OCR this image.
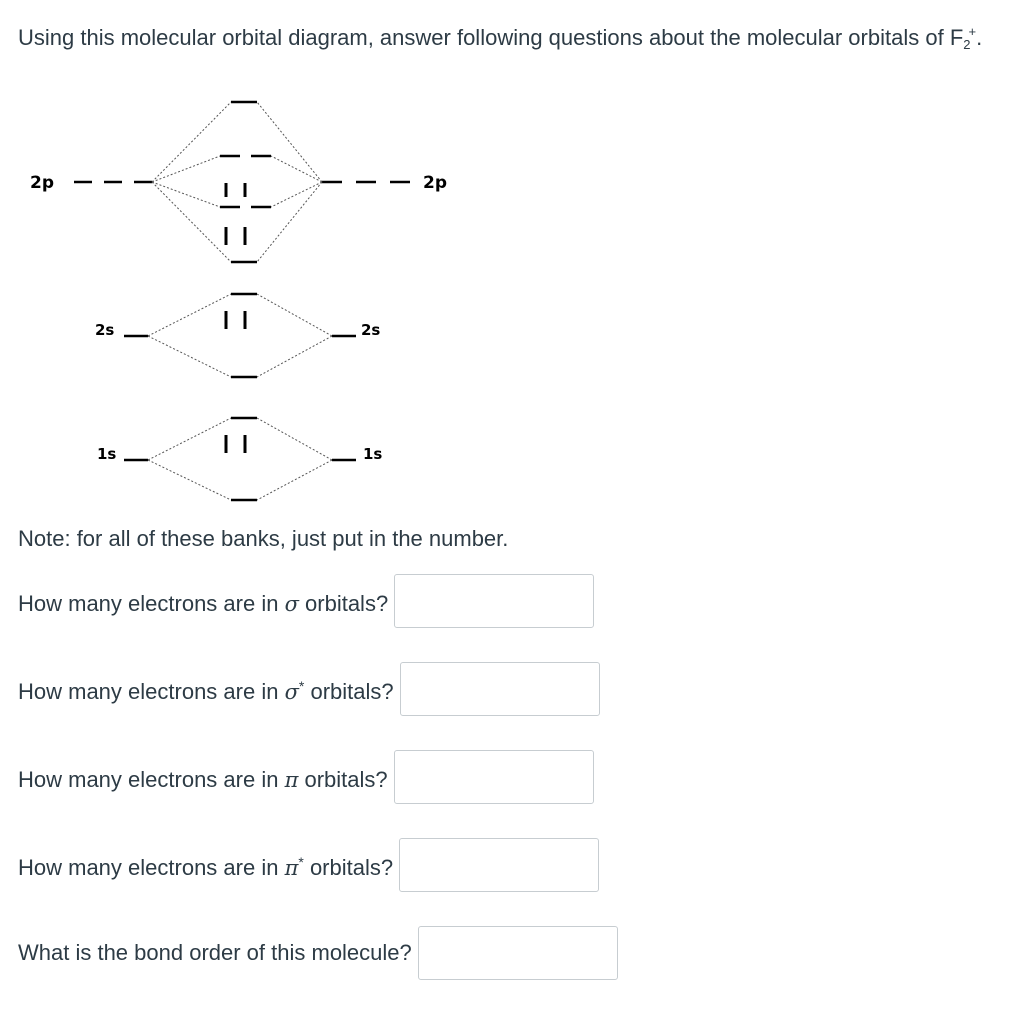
Using this molecular orbital diagram, answer following questions about the molecular orbitals of $F_2^+$.
2p	2p
2s	2s
1s	1s
Note: for all of these banks, just put in the number.
How many electrons are in σ orbitals?
How many electrons are in σ* orbitals?
How many electrons are in π orbitals?
How many electrons are in π* orbitals?
What is the bond order of this molecule?
